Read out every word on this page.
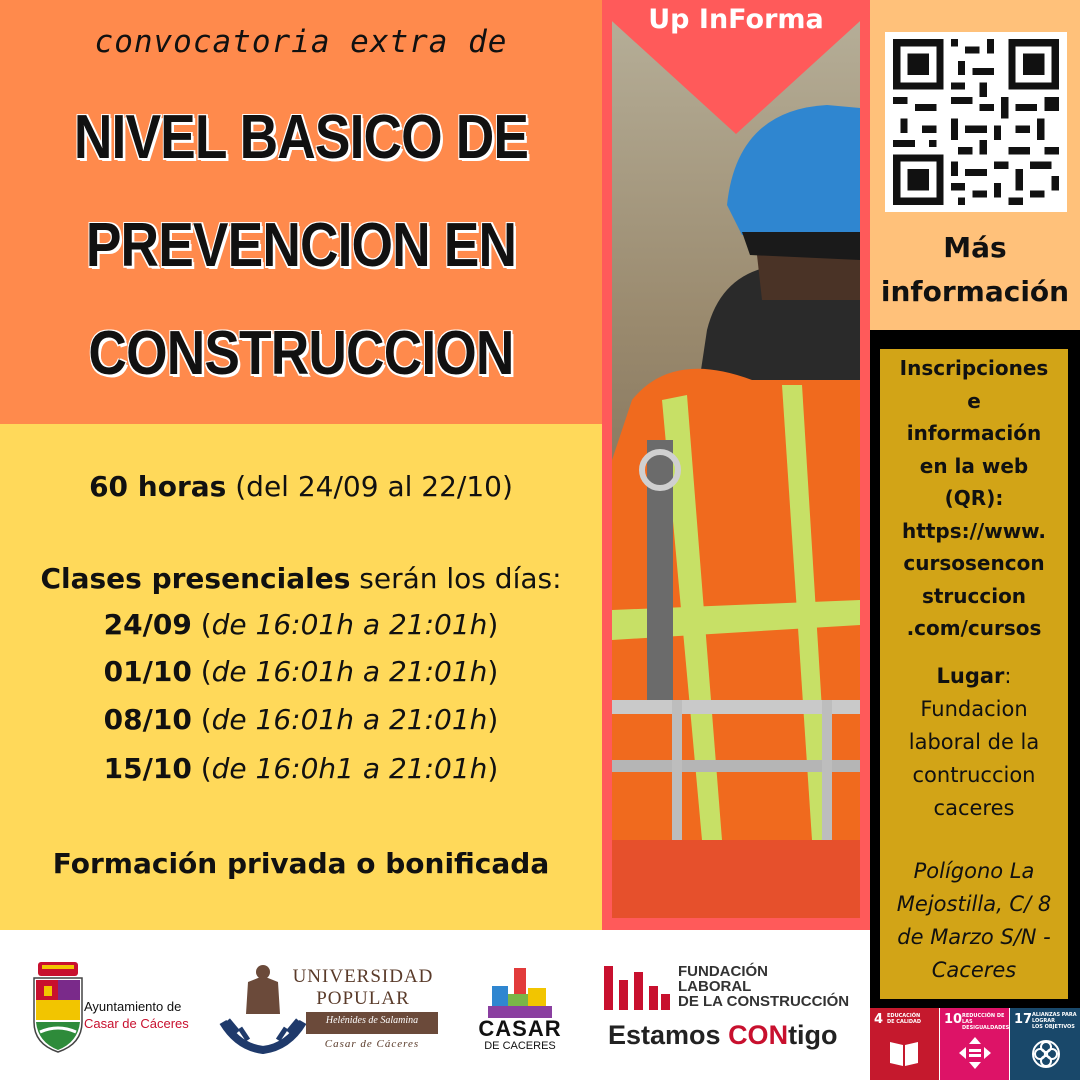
convocatoria extra de
NIVEL BASICO DE
PREVENCION EN
CONSTRUCCION
60 horas (del 24/09 al 22/10)
Clases presenciales serán los días:
24/09 (de 16:01h a 21:01h)
01/10 (de 16:01h a 21:01h)
08/10 (de 16:01h a 21:01h)
15/10 (de 16:0h1 a 21:01h)
Formación privada o bonificada
Up InForma
Más
información
Inscripciones
e
información
en la web
(QR):
https://www.
cursosencon
struccion
.com/cursos
Lugar:
Fundacion
laboral de la
contruccion
caceres
Polígono La
Mejostilla, C/ 8
de Marzo S/N -
Caceres
Ayuntamiento de
Casar de Cáceres
UNIVERSIDAD
POPULAR
Helénides de Salamina
Casar de Cáceres
CASAR
DE CACERES
FUNDACIÓN
LABORAL
DE LA CONSTRUCCIÓN
Estamos CONtigo
4 EDUCACIÓN
DE CALIDAD 10 REDUCCIÓN DE LAS
DESIGUALDADES
17 ALIANZAS PARA
LOGRAR
LOS OBJETIVOS
